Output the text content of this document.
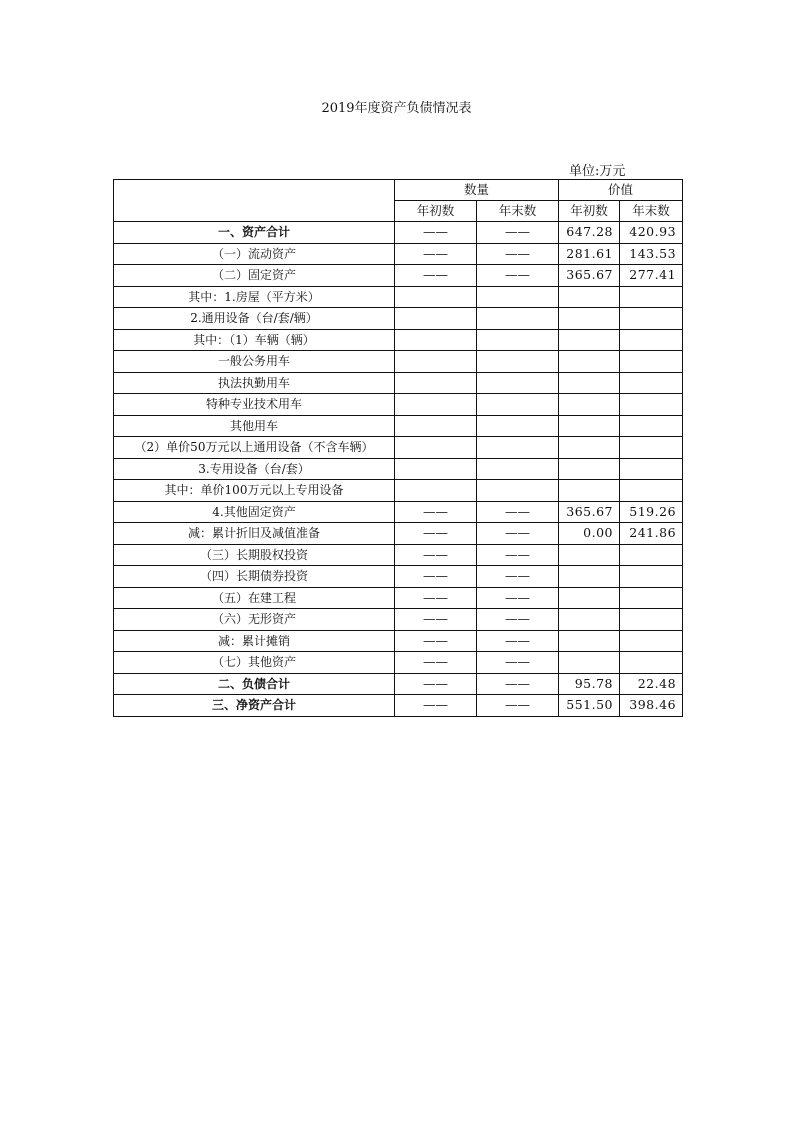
2019年度资产负债情况表
单位:万元
	数量		价值	
	年初数	年末数	年初数	年末数
一、资产合计	——	——	647.28	420.93
（一）流动资产	——	——	281.61	143.53
（二）固定资产	——	——	365.67	277.41
其中：1.房屋（平方米）				
2.通用设备（台/套/辆）				
其中：（1）车辆（辆）				
一般公务用车				
执法执勤用车				
特种专业技术用车				
其他用车				
（2）单价50万元以上通用设备（不含车辆）				
3.专用设备（台/套）				
其中：单价100万元以上专用设备				
4.其他固定资产	——	——	365.67	519.26
减：累计折旧及减值准备	——	——	0.00	241.86
（三）长期股权投资	——	——		
（四）长期债券投资	——	——		
（五）在建工程	——	——		
（六）无形资产	——	——		
减：累计摊销	——	——		
（七）其他资产	——	——		
二、负债合计	——	——	95.78	22.48
三、净资产合计	——	——	551.50	398.46
